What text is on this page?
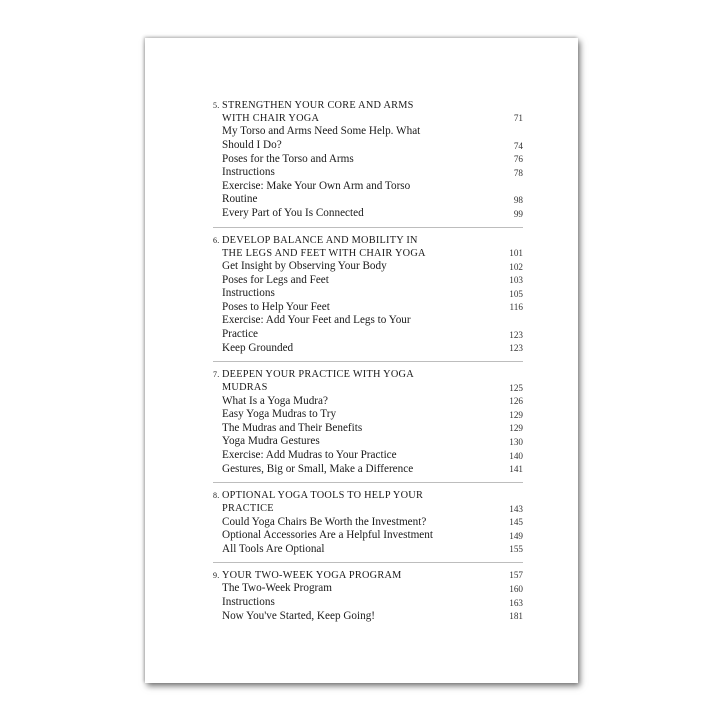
5. STRENGTHEN YOUR CORE AND ARMS
WITH CHAIR YOGA	71
My Torso and Arms Need Some Help. What
Should I Do?	74
Poses for the Torso and Arms	76
Instructions	78
Exercise: Make Your Own Arm and Torso
Routine	98
Every Part of You Is Connected	99
6. DEVELOP BALANCE AND MOBILITY IN
THE LEGS AND FEET WITH CHAIR YOGA	101
Get Insight by Observing Your Body	102
Poses for Legs and Feet	103
Instructions	105
Poses to Help Your Feet	116
Exercise: Add Your Feet and Legs to Your
Practice	123
Keep Grounded	123
7. DEEPEN YOUR PRACTICE WITH YOGA
MUDRAS	125
What Is a Yoga Mudra?	126
Easy Yoga Mudras to Try	129
The Mudras and Their Benefits	129
Yoga Mudra Gestures	130
Exercise: Add Mudras to Your Practice	140
Gestures, Big or Small, Make a Difference	141
8. OPTIONAL YOGA TOOLS TO HELP YOUR
PRACTICE	143
Could Yoga Chairs Be Worth the Investment?	145
Optional Accessories Are a Helpful Investment	149
All Tools Are Optional	155
9. YOUR TWO-WEEK YOGA PROGRAM	157
The Two-Week Program	160
Instructions	163
Now You've Started, Keep Going!	181
